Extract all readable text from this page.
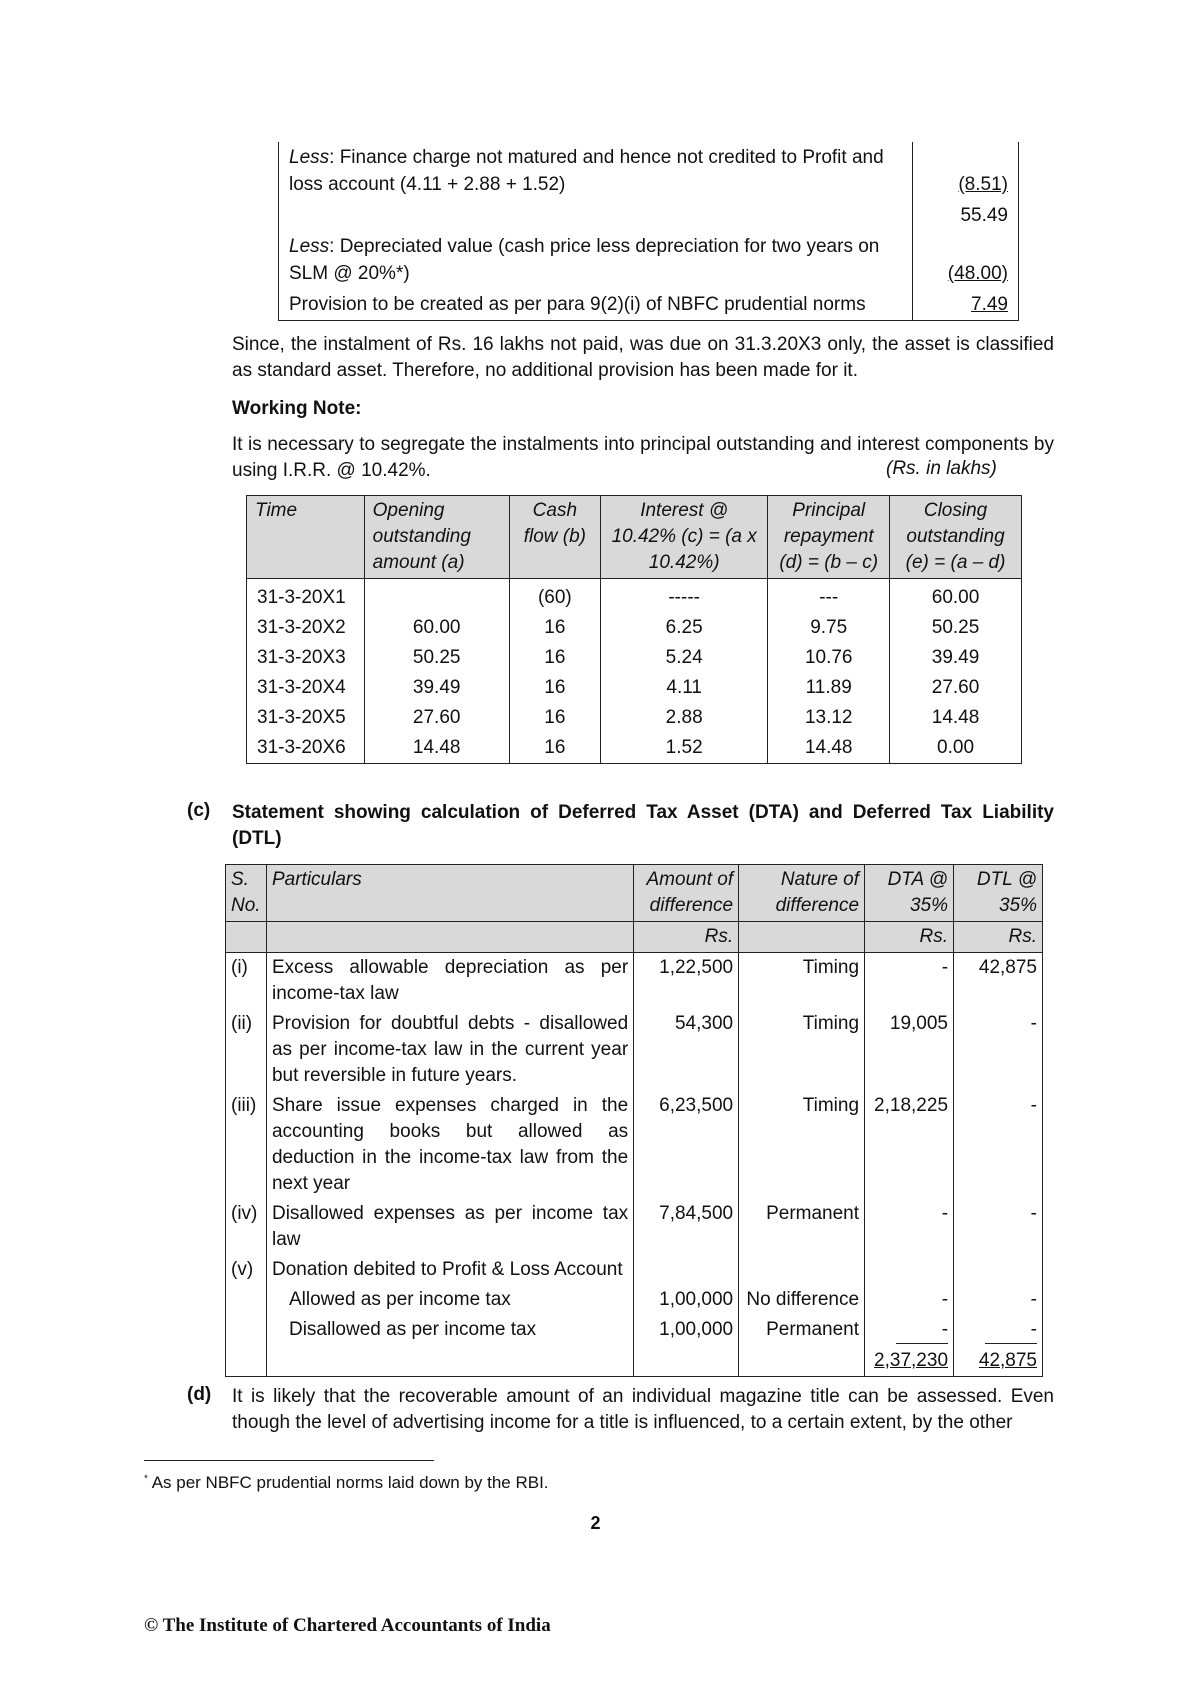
Less: Finance charge not matured and hence not credited to Profit and loss account (4.11 + 2.88 + 1.52)	(8.51)
	55.49
Less: Depreciated value (cash price less depreciation for two years on SLM @ 20%*)	(48.00)
Provision to be created as per para 9(2)(i) of NBFC prudential norms	7.49
Since, the instalment of Rs. 16 lakhs not paid, was due on 31.3.20X3 only, the asset is classified as standard asset. Therefore, no additional provision has been made for it.
Working Note:
It is necessary to segregate the instalments into principal outstanding and interest components by using I.R.R. @ 10.42%.	(Rs. in lakhs)
Time	Opening outstanding amount (a)	Cash flow (b)	Interest @ 10.42% (c) = (a x 10.42%)	Principal repayment (d) = (b – c)	Closing outstanding (e) = (a – d)
31-3-20X1		(60)	-----	---	60.00
31-3-20X2	60.00	16	6.25	9.75	50.25
31-3-20X3	50.25	16	5.24	10.76	39.49
31-3-20X4	39.49	16	4.11	11.89	27.60
31-3-20X5	27.60	16	2.88	13.12	14.48
31-3-20X6	14.48	16	1.52	14.48	0.00
(c) Statement showing calculation of Deferred Tax Asset (DTA) and Deferred Tax Liability (DTL)
S. No.	Particulars	Amount of difference	Nature of difference	DTA @ 35%	DTL @ 35%
		Rs.		Rs.	Rs.
(i)	Excess allowable depreciation as per income-tax law	1,22,500	Timing	-	42,875
(ii)	Provision for doubtful debts - disallowed as per income-tax law in the current year but reversible in future years.	54,300	Timing	19,005	-
(iii)	Share issue expenses charged in the accounting books but allowed as deduction in the income-tax law from the next year	6,23,500	Timing	2,18,225	-
(iv)	Disallowed expenses as per income tax law	7,84,500	Permanent	-	-
(v)	Donation debited to Profit & Loss Account				
	Allowed as per income tax	1,00,000	No difference	-	-
	Disallowed as per income tax	1,00,000	Permanent	-	-
				2,37,230	42,875
(d) It is likely that the recoverable amount of an individual magazine title can be assessed. Even though the level of advertising income for a title is influenced, to a certain extent, by the other
* As per NBFC prudential norms laid down by the RBI.
2
© The Institute of Chartered Accountants of India
